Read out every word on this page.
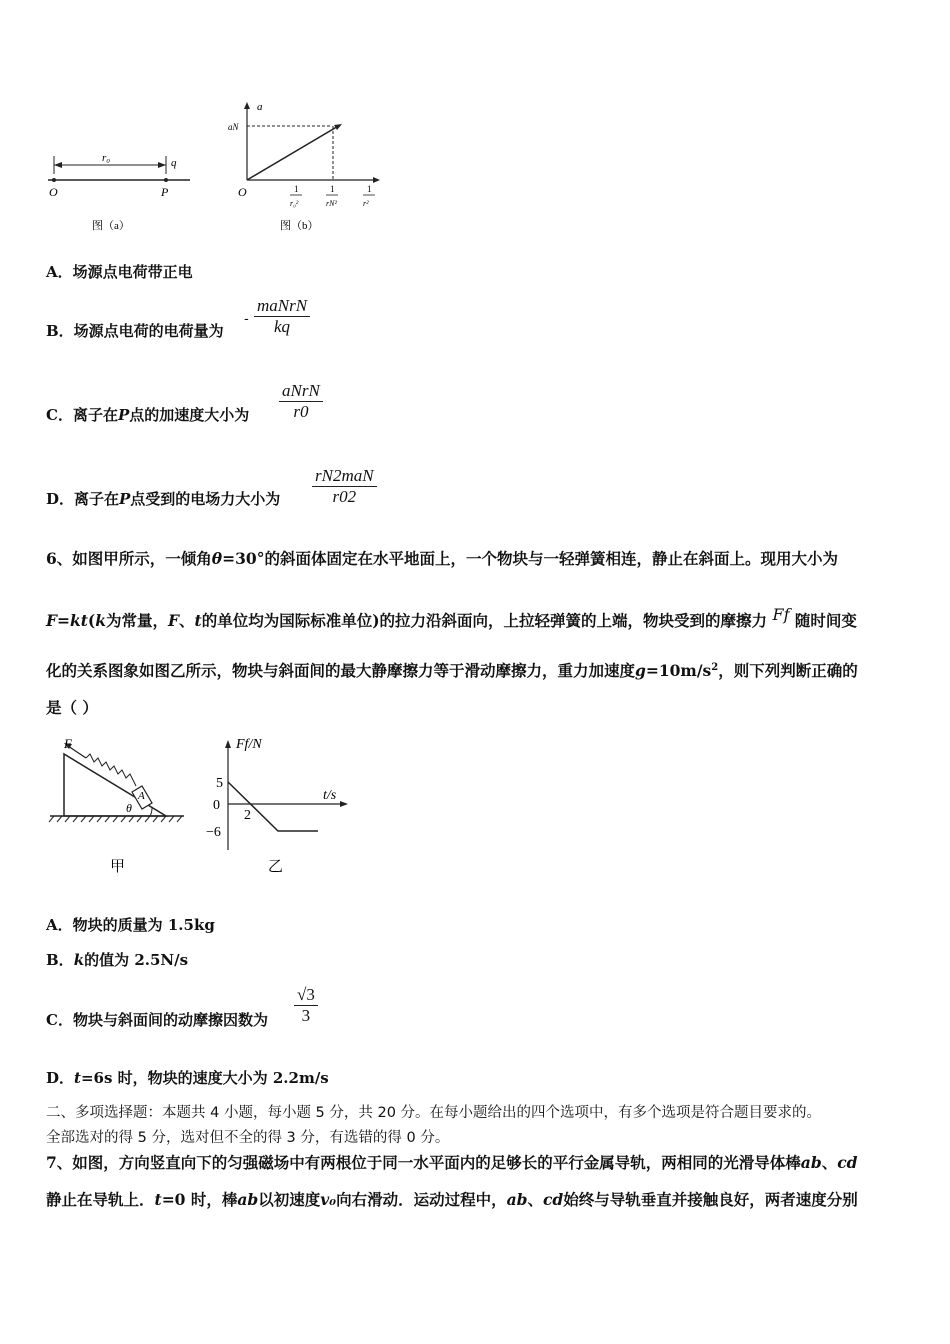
r₀	q
O	P
图（a）
a
aN
O	1
r₀²
1
rN²
1
r²
图（b）
A．场源点电荷带正电
B．场源点电荷的电荷量为
-
maNrN
kq
C．离子在P点的加速度大小为
aNrN
r0
D．离子在P点受到的电场力大小为
rN2maN
r02
6、如图甲所示，一倾角θ=30°的斜面体固定在水平地面上，一个物块与一轻弹簧相连，静止在斜面上。现用大小为
F=kt(k为常量，F、t的单位均为国际标准单位)的拉力沿斜面向，上拉轻弹簧的上端，物块受到的摩擦力 Ff 随时间变
化的关系图象如图乙所示，物块与斜面间的最大静摩擦力等于滑动摩擦力，重力加速度$g=10m/s^2$，则下列判断正确的
是（ ）
F
A
θ
甲
Ff/N
t/s
5
0
−6
2
乙
A．物块的质量为 1.5kg
B．k的值为 2.5N/s
C．物块与斜面间的动摩擦因数为 $\frac{√3}{3}$
D．t=6s 时，物块的速度大小为 2.2m/s
二、多项选择题：本题共 4 小题，每小题 5 分，共 20 分。在每小题给出的四个选项中，有多个选项是符合题目要求的。
全部选对的得 5 分，选对但不全的得 3 分，有选错的得 0 分。
7、如图，方向竖直向下的匀强磁场中有两根位于同一水平面内的足够长的平行金属导轨，两相同的光滑导体棒ab、cd
静止在导轨上．t=0 时，棒ab以初速度v₀向右滑动．运动过程中，ab、cd始终与导轨垂直并接触良好，两者速度分别
